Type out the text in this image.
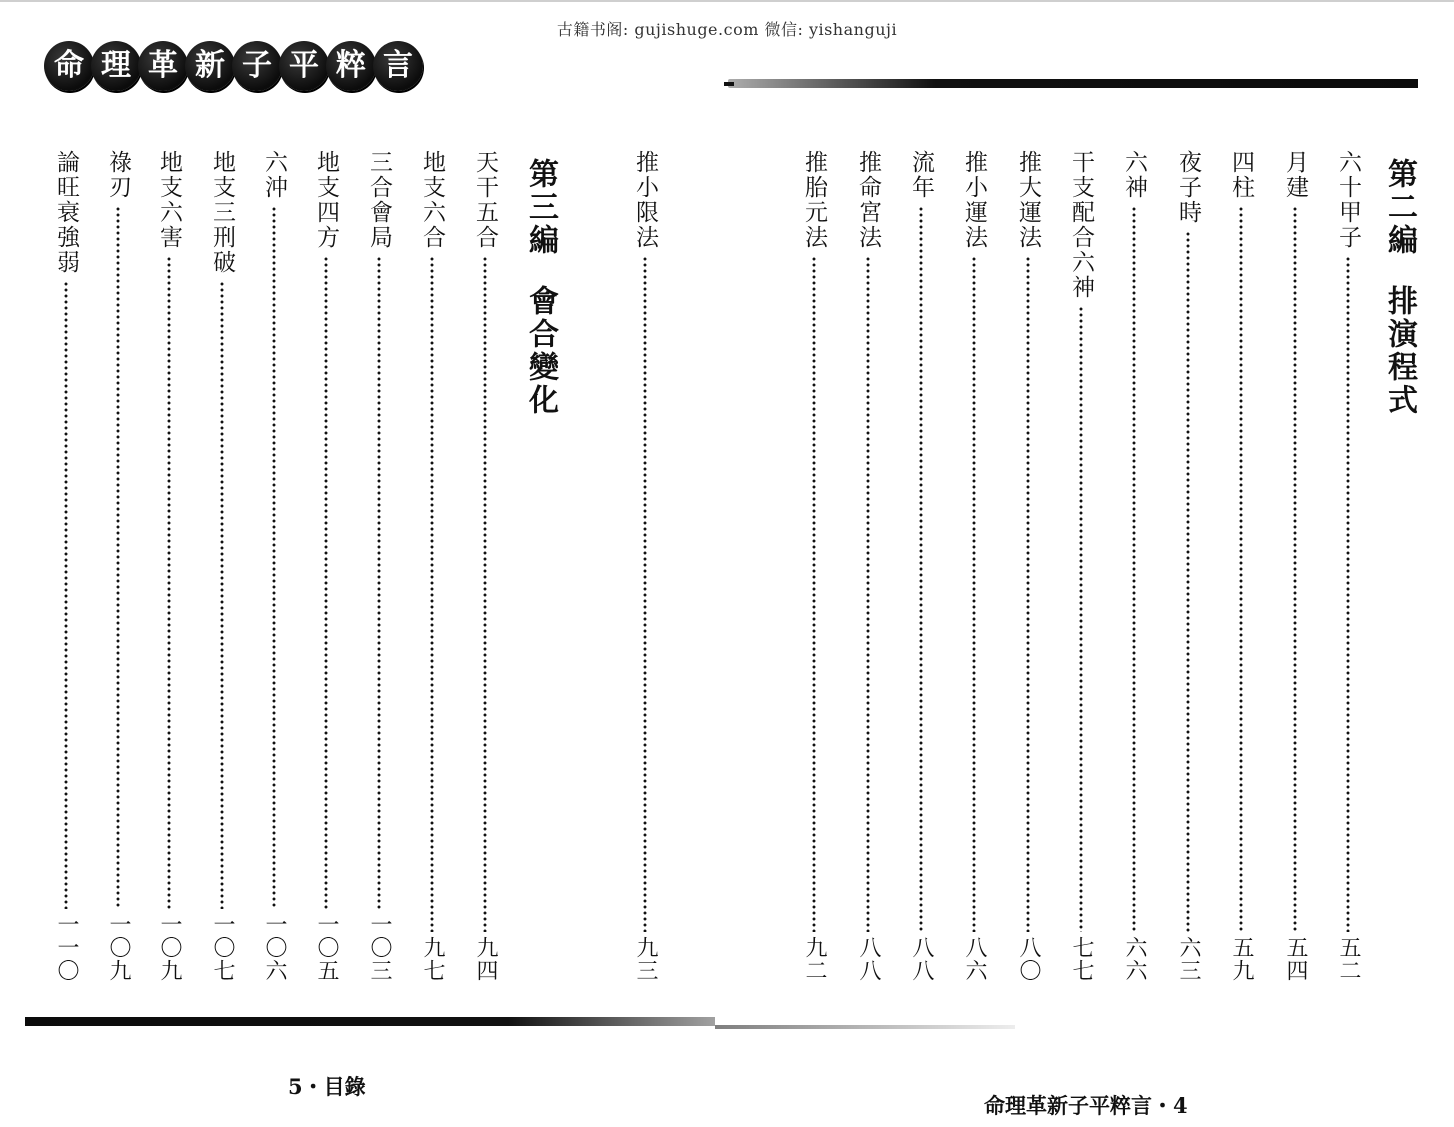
古籍书阁: gujishuge.com 微信: yishanguji
命 理 革 新 子 平 粹 言
第二編排演程式
六十甲子
五二
月建
五四
四柱
五九
夜子時
六三
六神
六六
干支配合六神
七七
推大運法
八〇
推小運法
八六
流年
八八
推命宮法
八八
推胎元法
九二
推小限法
九三
第三編會合變化
天干五合
九四
地支六合
九七
三合會局
一〇三
地支四方
一〇五
六沖
一〇六
地支三刑破
一〇七
地支六害
一〇九
祿刃
一〇九
論旺衰強弱
一一〇
5・目錄
命理革新子平粹言・4
